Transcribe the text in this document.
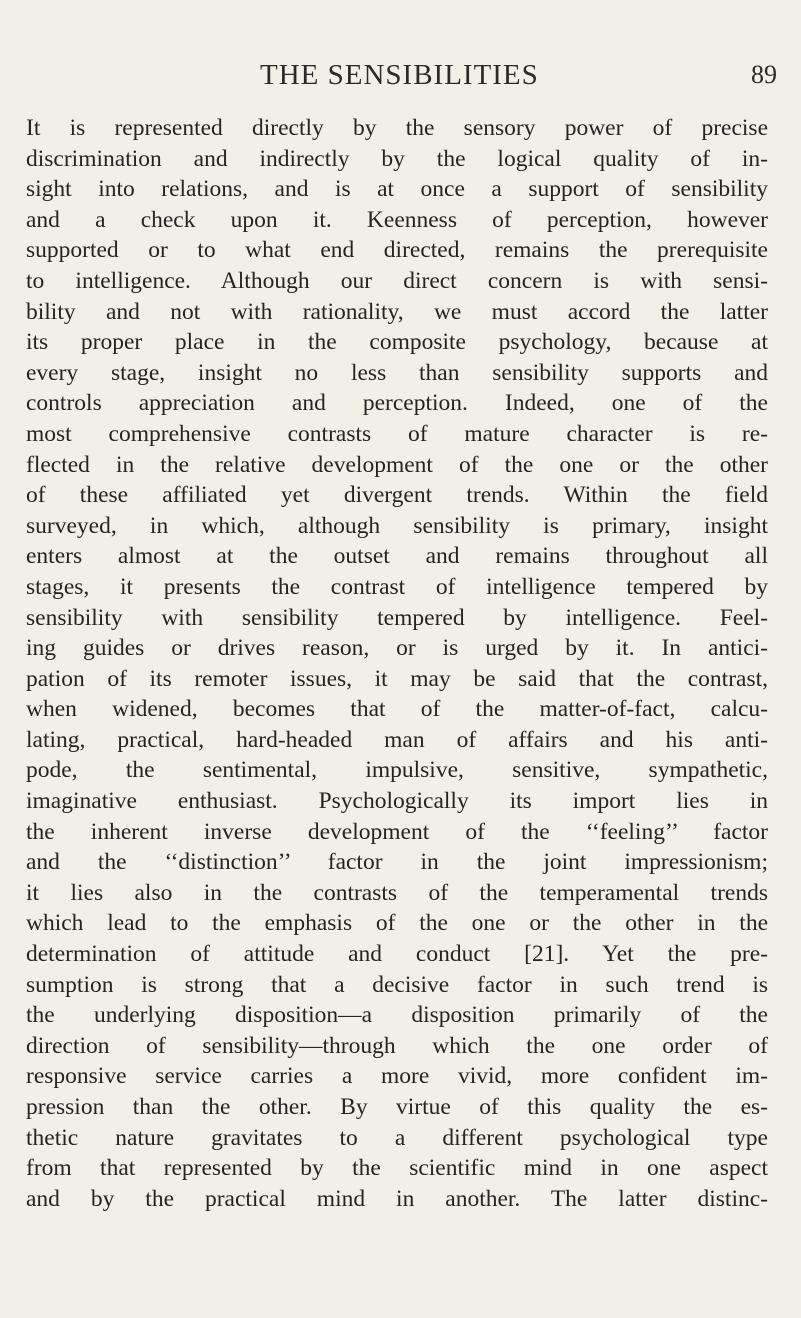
THE SENSIBILITIES	89
It is represented directly by the sensory power of precise
discrimination and indirectly by the logical quality of in-
sight into relations, and is at once a support of sensibility
and a check upon it. Keenness of perception, however
supported or to what end directed, remains the prerequisite
to intelligence. Although our direct concern is with sensi-
bility and not with rationality, we must accord the latter
its proper place in the composite psychology, because at
every stage, insight no less than sensibility supports and
controls appreciation and perception. Indeed, one of the
most comprehensive contrasts of mature character is re-
flected in the relative development of the one or the other
of these affiliated yet divergent trends. Within the field
surveyed, in which, although sensibility is primary, insight
enters almost at the outset and remains throughout all
stages, it presents the contrast of intelligence tempered by
sensibility with sensibility tempered by intelligence. Feel-
ing guides or drives reason, or is urged by it. In antici-
pation of its remoter issues, it may be said that the contrast,
when widened, becomes that of the matter-of-fact, calcu-
lating, practical, hard-headed man of affairs and his anti-
pode, the sentimental, impulsive, sensitive, sympathetic,
imaginative enthusiast. Psychologically its import lies in
the inherent inverse development of the ‘‘feeling’’ factor
and the ‘‘distinction’’ factor in the joint impressionism;
it lies also in the contrasts of the temperamental trends
which lead to the emphasis of the one or the other in the
determination of attitude and conduct [21]. Yet the pre-
sumption is strong that a decisive factor in such trend is
the underlying disposition—a disposition primarily of the
direction of sensibility—through which the one order of
responsive service carries a more vivid, more confident im-
pression than the other. By virtue of this quality the es-
thetic nature gravitates to a different psychological type
from that represented by the scientific mind in one aspect
and by the practical mind in another. The latter distinc-
